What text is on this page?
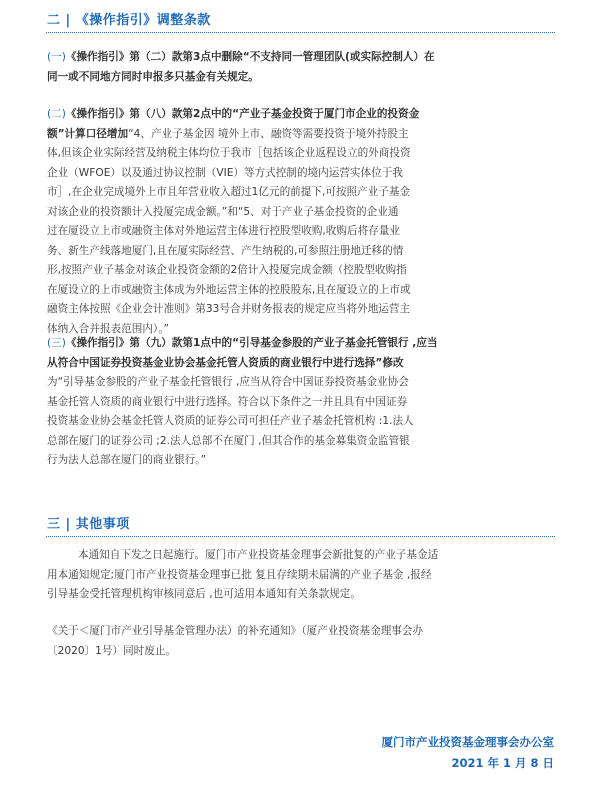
二 | 《操作指引》调整条款
(一)《操作指引》第（二）款第3点中删除“不支持同一管理团队(或实际控制人）在
同一或不同地方同时申报多只基金有关规定。
(二)《操作指引》第（八）款第2点中的“产业子基金投资于厦门市企业的投资金
额”计算口径增加“4、产业子基金因 境外上市、融资等需要投资于境外持股主
体,但该企业实际经营及纳税主体均位于我市［包括该企业返程设立的外商投资
企业（WFOE）以及通过协议控制（VIE）等方式控制的境内运营实体位于我
市］,在企业完成境外上市且年营业收入超过1亿元的前提下,可按照产业子基金
对该企业的投资额计入投厦完成金额。”和“5、对于产业子基金投资的企业通
过在厦设立上市或融资主体对外地运营主体进行控股型收购,收购后将存量业
务、新生产线落地厦门,且在厦实际经营、产生纳税的,可参照注册地迁移的情
形,按照产业子基金对该企业投资金额的2倍计入投厦完成金额（控股型收购指
在厦设立的上市或融资主体成为外地运营主体的控股股东,且在厦设立的上市或
融资主体按照《企业会计准则》第33号合并财务报表的规定应当将外地运营主
体纳入合并报表范围内）。”
(三)《操作指引》第（九）款第1点中的“引导基金参股的产业子基金托管银行 ,应当
从符合中国证券投资基金业协会基金托管人资质的商业银行中进行选择”修改
为“引导基金参股的产业子基金托管银行 ,应当从符合中国证券投资基金业协会
基金托管人资质的商业银行中进行选择。符合以下条件之一并且具有中国证券
投资基金业协会基金托管人资质的证券公司可担任产业子基金托管机构 :1.法人
总部在厦门的证券公司 ;2.法人总部不在厦门 ,但其合作的基金募集资金监管银
行为法人总部在厦门的商业银行。”
三 | 其他事项
本通知自下发之日起施行。厦门市产业投资基金理事会新批复的产业子基金适
用本通知规定;厦门市产业投资基金理事已批 复且存续期未届满的产业子基金 ,报经
引导基金受托管理机构审核同意后 ,也可适用本通知有关条款规定。
《关于＜厦门市产业引导基金管理办法）的补充通知》（厦产业投资基金理事会办
〔2020〕1号）同时废止。
厦门市产业投资基金理事会办公室
2021 年 1 月 8 日
